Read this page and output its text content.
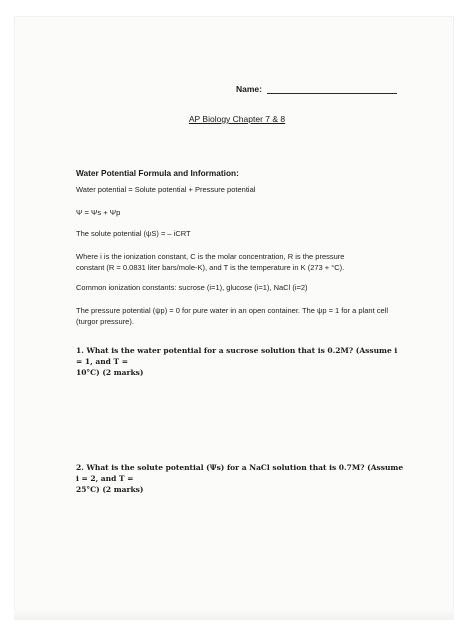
Name:
AP Biology Chapter 7 & 8
Water Potential Formula and Information:
Water potential = Solute potential + Pressure potential
Ψ = Ψs + Ψp
The solute potential (ψS) = – iCRT
Where i is the ionization constant, C is the molar concentration, R is the pressure
constant (R = 0.0831 liter bars/mole-K), and T is the temperature in K (273 + °C).
Common ionization constants: sucrose (i=1), glucose (i=1), NaCl (i=2)
The pressure potential (ψp) = 0 for pure water in an open container. The ψp = 1 for a plant cell
(turgor pressure).
1. What is the water potential for a sucrose solution that is 0.2M? (Assume i = 1, and T =
10°C) (2 marks)
2. What is the solute potential (Ψs) for a NaCl solution that is 0.7M? (Assume i = 2, and T =
25°C) (2 marks)
